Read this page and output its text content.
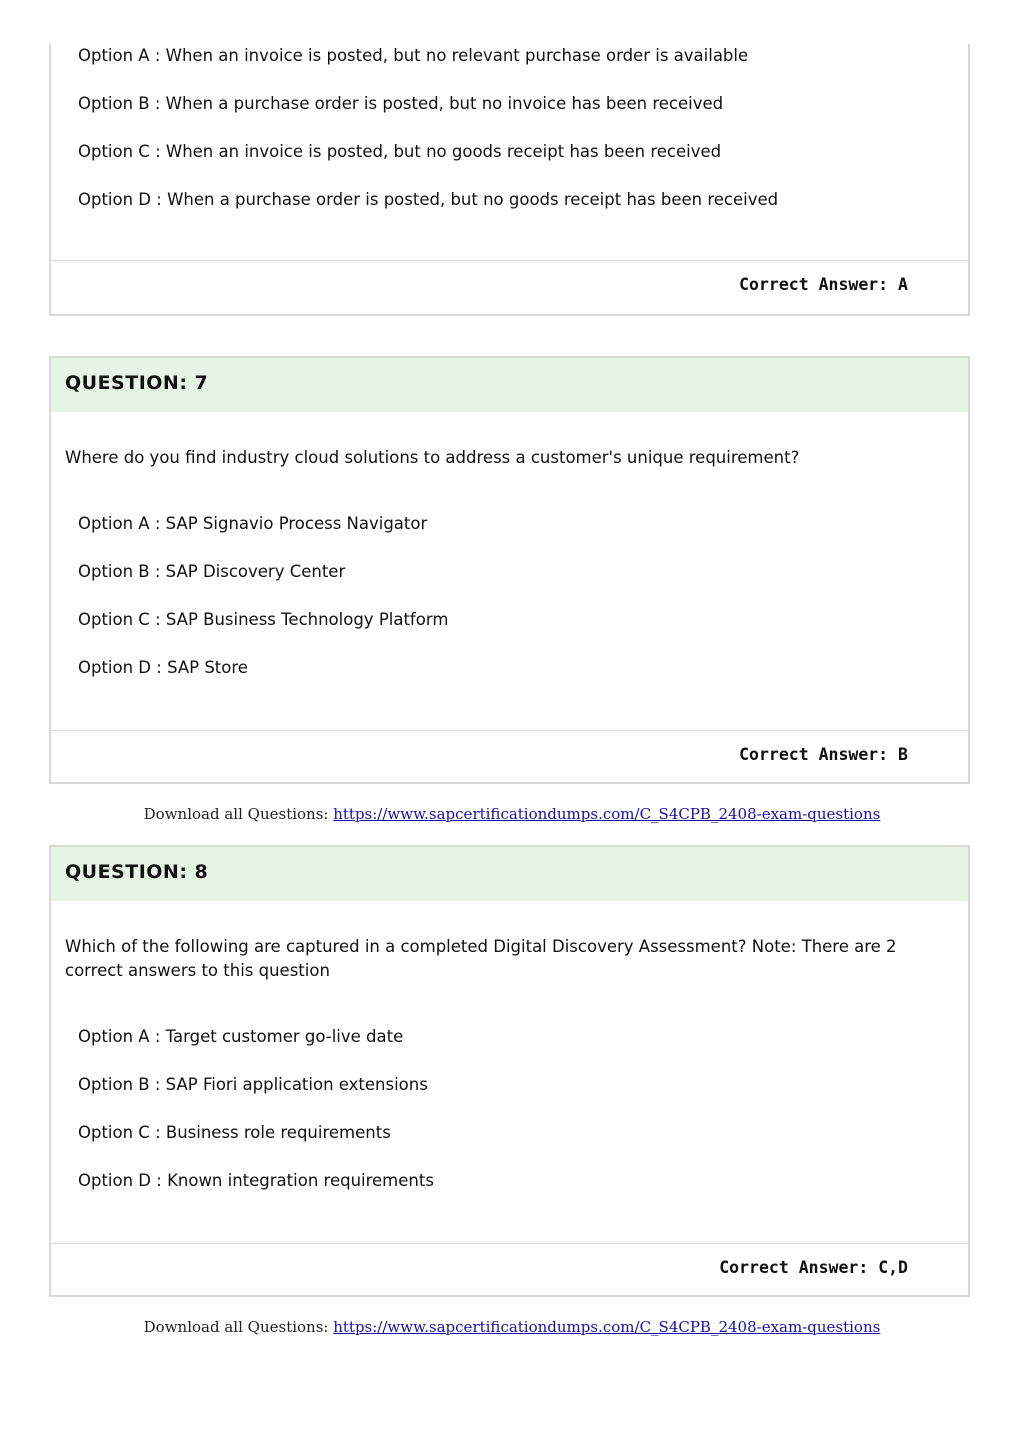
Option A : When an invoice is posted, but no relevant purchase order is available
Option B : When a purchase order is posted, but no invoice has been received
Option C : When an invoice is posted, but no goods receipt has been received
Option D : When a purchase order is posted, but no goods receipt has been received
Correct Answer: A
QUESTION: 7
Where do you find industry cloud solutions to address a customer's unique requirement?
Option A : SAP Signavio Process Navigator
Option B : SAP Discovery Center
Option C : SAP Business Technology Platform
Option D : SAP Store
Correct Answer: B
Download all Questions: https://www.sapcertificationdumps.com/C_S4CPB_2408-exam-questions
QUESTION: 8
Which of the following are captured in a completed Digital Discovery Assessment? Note: There are 2 correct answers to this question
Option A : Target customer go-live date
Option B : SAP Fiori application extensions
Option C : Business role requirements
Option D : Known integration requirements
Correct Answer: C,D
Download all Questions: https://www.sapcertificationdumps.com/C_S4CPB_2408-exam-questions
